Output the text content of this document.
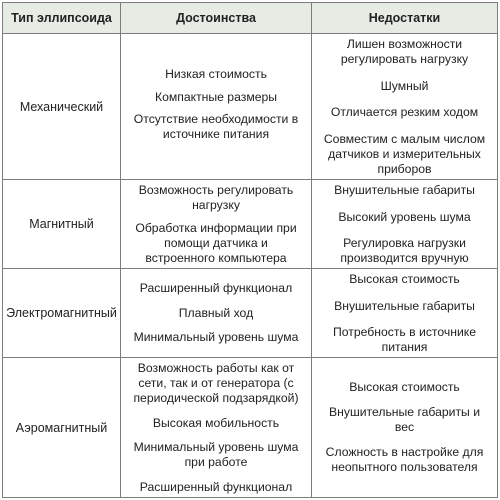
Тип эллипсоида	Достоинства	Недостатки
Механический
Низкая стоимость
Компактные размеры
Отсутствие необходимости в источнике питания
Лишен возможности регулировать нагрузку
Шумный
Отличается резким ходом
Совместим с малым числом датчиков и измерительных приборов
Магнитный
Возможность регулировать нагрузку
Обработка информации при помощи датчика и встроенного компьютера
Внушительные габариты
Высокий уровень шума
Регулировка нагрузки производится вручную
Электромагнитный
Расширенный функционал
Плавный ход
Минимальный уровень шума
Высокая стоимость
Внушительные габариты
Потребность в источнике питания
Аэромагнитный
Возможность работы как от сети, так и от генератора (с периодической подзарядкой)
Высокая мобильность
Минимальный уровень шума при работе
Расширенный функционал
Высокая стоимость
Внушительные габариты и вес
Сложность в настройке для неопытного пользователя
